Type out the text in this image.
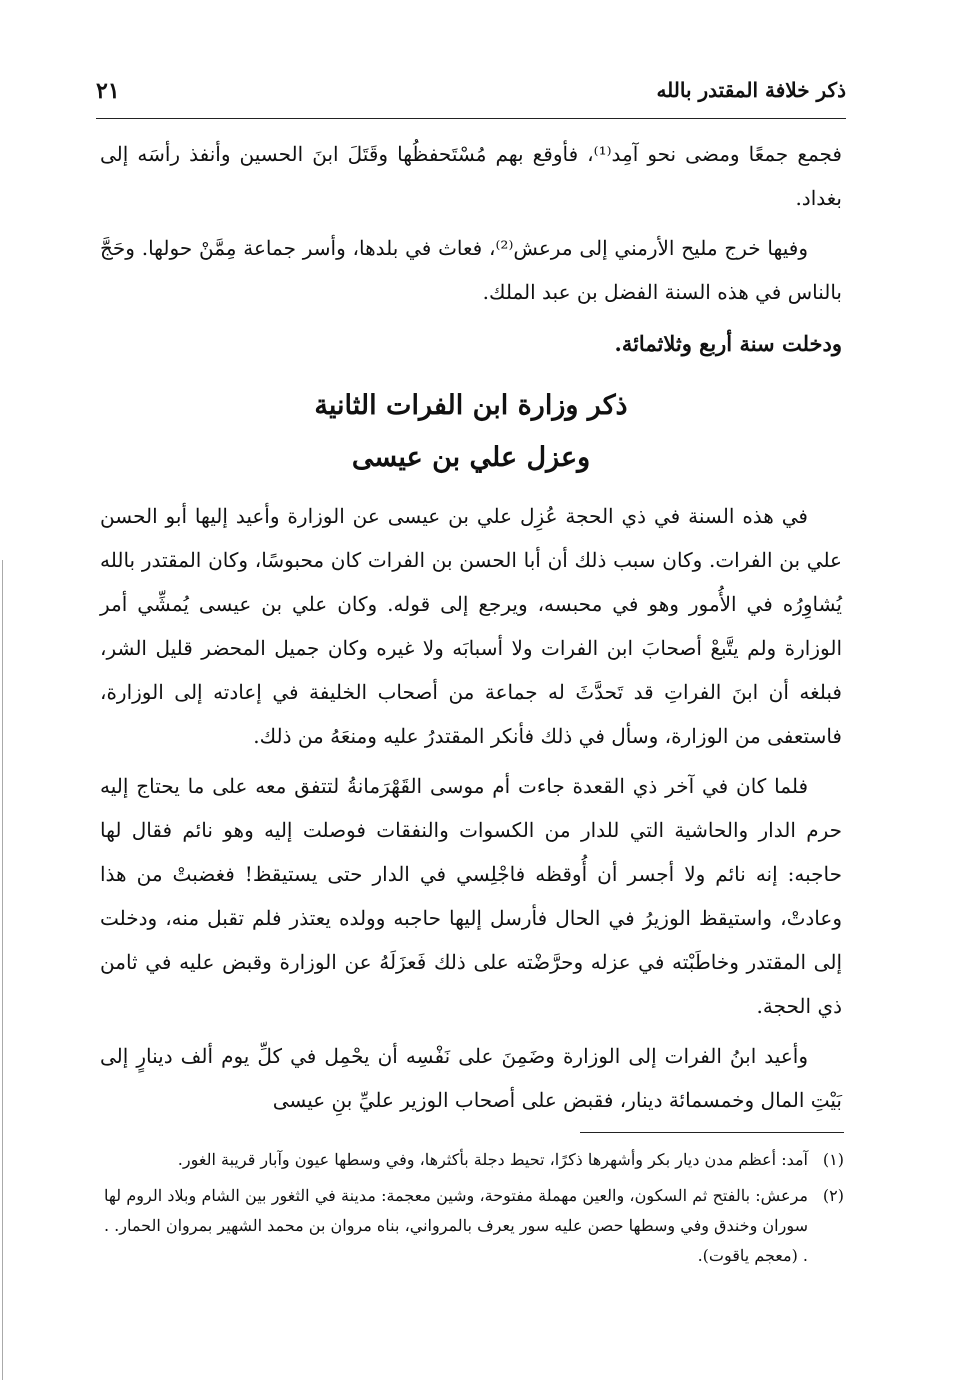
ذكر خلافة المقتدر بالله
٢١

فجمع جمعًا ومضى نحو آمِد⁽¹⁾، فأوقع بهم مُسْتَحفظُها وقَتَلَ ابنَ الحسين وأنفذ رأسَه إلى بغداد.

وفيها خرج مليح الأرمني إلى مرعش⁽²⁾، فعاث في بلدها، وأسر جماعة مِمَّنْ حولها. وحَجَّ بالناس في هذه السنة الفضل بن عبد الملك.

ودخلت سنة أربع وثلاثمائة.
ذكر وزارة ابن الفرات الثانية
وعزل علي بن عيسى

في هذه السنة في ذي الحجة عُزِل علي بن عيسى عن الوزارة وأعيد إليها أبو الحسن علي بن الفرات. وكان سبب ذلك أن أبا الحسن بن الفرات كان محبوسًا، وكان المقتدر بالله يُشاوِرُه في الأُمور وهو في محبسه، ويرجع إلى قوله. وكان علي بن عيسى يُمشِّي أمر الوزارة ولم يتَّبعْ أصحابَ ابن الفرات ولا أسبابَه ولا غيره وكان جميل المحضر قليل الشر، فبلغه أن ابنَ الفراتِ قد تَحدَّثَ له جماعة من أصحاب الخليفة في إعادته إلى الوزارة، فاستعفى من الوزارة، وسأل في ذلك فأنكر المقتدرُ عليه ومنعَهُ من ذلك.

فلما كان في آخر ذي القعدة جاءت أم موسى القَهْرَمانةُ لتتفق معه على ما يحتاج إليه حرم الدار والحاشية التي للدار من الكسوات والنفقات فوصلت إليه وهو نائم فقال لها حاجبه: إنه نائم ولا أجسر أن أُوقظه فاجْلِسي في الدار حتى يستيقظ! فغضبتْ من هذا وعادتْ، واستيقظ الوزيرُ في الحال فأرسل إليها حاجبه وولده يعتذر فلم تقبل منه، ودخلت إلى المقتدر وخاطَبْته في عزله وحرَّضْته على ذلك فَعزَلَهُ عن الوزارة وقبض عليه في ثامن ذي الحجة.

وأعيد ابنُ الفرات إلى الوزارة وضَمِنَ على نَفْسِه أن يحْمِل في كلِّ يوم ألف دينارٍ إلى بَيْتِ المال وخمسمائة دينار، فقبض على أصحاب الوزير عليِّ بنِ عيسى

(١)
آمد: أعظم مدن ديار بكر وأشهرها ذكرًا، تحيط دجلة بأكثرها، وفي وسطها عيون وآبار قريبة الغور.
(٢)
مرعش: بالفتح ثم السكون، والعين مهملة مفتوحة، وشين معجمة: مدينة في الثغور بين الشام وبلاد الروم لها سوران وخندق وفي وسطها حصن عليه سور يعرف بالمرواني، بناه مروان بن محمد الشهير بمروان الحمار. . . (معجم ياقوت).
